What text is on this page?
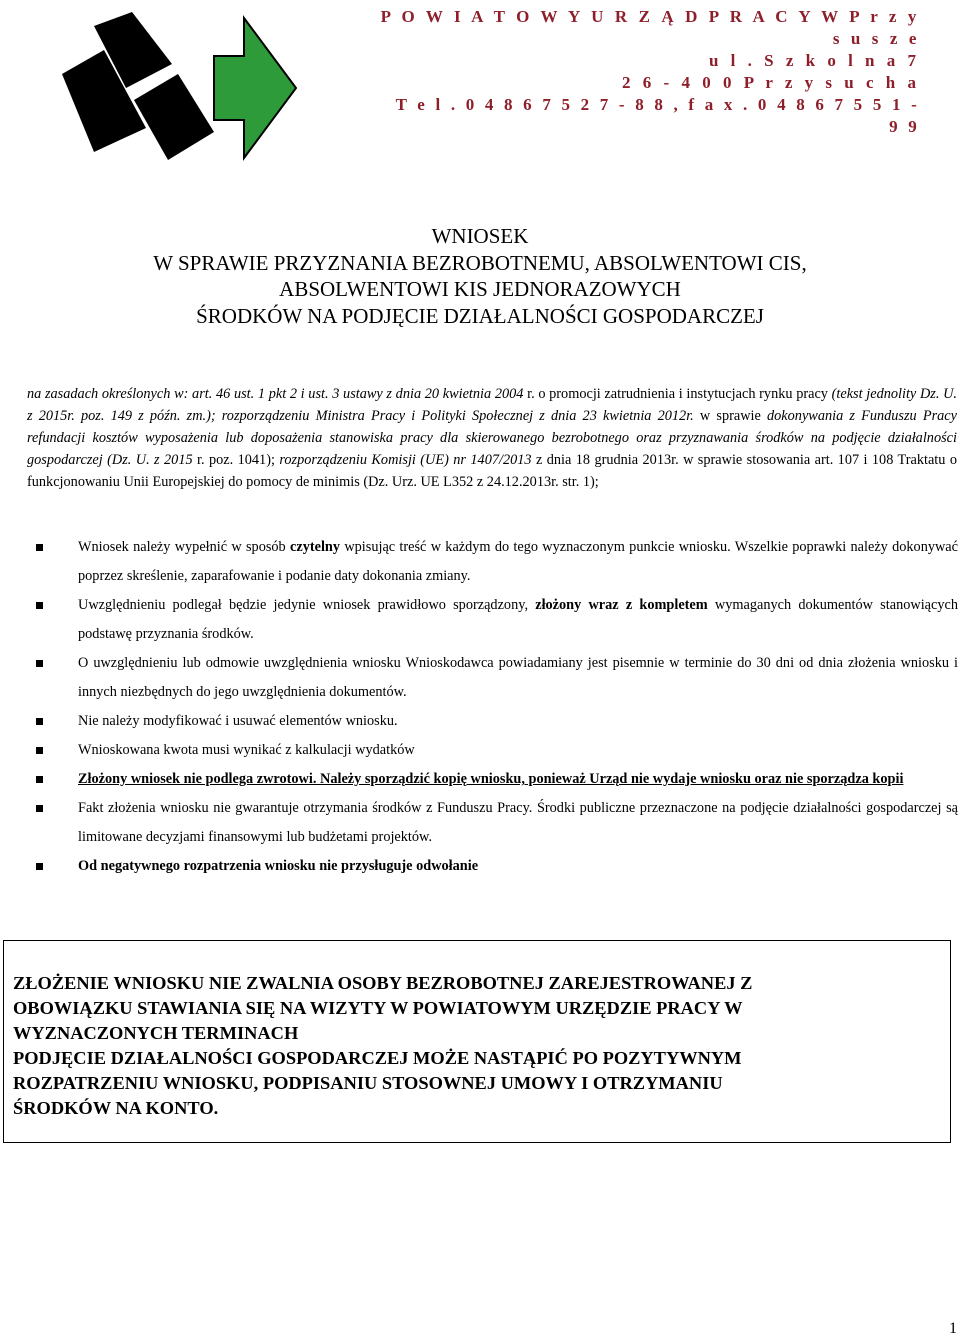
P O W I A T O W Y U R Z Ą D P R A C Y W P r z y s u s z e
u l . S z k o l n a 7
2 6 - 4 0 0 P r z y s u c h a
T e l . 0 4 8 6 7 5 2 7 - 8 8 , f a x . 0 4 8 6 7 5 5 1 - 9 9
WNIOSEK
W SPRAWIE PRZYZNANIA BEZROBOTNEMU, ABSOLWENTOWI CIS,
ABSOLWENTOWI KIS JEDNORAZOWYCH
ŚRODKÓW NA PODJĘCIE DZIAŁALNOŚCI GOSPODARCZEJ
na zasadach określonych w: art. 46 ust. 1 pkt 2 i ust. 3 ustawy z dnia 20 kwietnia 2004 r. o promocji zatrudnienia i instytucjach rynku pracy (tekst jednolity Dz. U. z 2015r. poz. 149 z późn. zm.); rozporządzeniu Ministra Pracy i Polityki Społecznej z dnia 23 kwietnia 2012r. w sprawie dokonywania z Funduszu Pracy refundacji kosztów wyposażenia lub doposażenia stanowiska pracy dla skierowanego bezrobotnego oraz przyznawania środków na podjęcie działalności gospodarczej (Dz. U. z 2015 r. poz. 1041); rozporządzeniu Komisji (UE) nr 1407/2013 z dnia 18 grudnia 2013r. w sprawie stosowania art. 107 i 108 Traktatu o funkcjonowaniu Unii Europejskiej do pomocy de minimis (Dz. Urz. UE L352 z 24.12.2013r. str. 1);
Wniosek należy wypełnić w sposób czytelny wpisując treść w każdym do tego wyznaczonym punkcie wniosku. Wszelkie poprawki należy dokonywać poprzez skreślenie, zaparafowanie i podanie daty dokonania zmiany.
Uwzględnieniu podlegał będzie jedynie wniosek prawidłowo sporządzony, złożony wraz z kompletem wymaganych dokumentów stanowiących podstawę przyznania środków.
O uwzględnieniu lub odmowie uwzględnienia wniosku Wnioskodawca powiadamiany jest pisemnie w terminie do 30 dni od dnia złożenia wniosku i innych niezbędnych do jego uwzględnienia dokumentów.
Nie należy modyfikować i usuwać elementów wniosku.
Wnioskowana kwota musi wynikać z kalkulacji wydatków
Złożony wniosek nie podlega zwrotowi. Należy sporządzić kopię wniosku, ponieważ Urząd nie wydaje wniosku oraz nie sporządza kopii
Fakt złożenia wniosku nie gwarantuje otrzymania środków z Funduszu Pracy. Środki publiczne przeznaczone na podjęcie działalności gospodarczej są limitowane decyzjami finansowymi lub budżetami projektów.
Od negatywnego rozpatrzenia wniosku nie przysługuje odwołanie
ZŁOŻENIE WNIOSKU NIE ZWALNIA OSOBY BEZROBOTNEJ ZAREJESTROWANEJ Z
OBOWIĄZKU STAWIANIA SIĘ NA WIZYTY W POWIATOWYM URZĘDZIE PRACY W
WYZNACZONYCH TERMINACH
PODJĘCIE DZIAŁALNOŚCI GOSPODARCZEJ MOŻE NASTĄPIĆ PO POZYTYWNYM
ROZPATRZENIU WNIOSKU, PODPISANIU STOSOWNEJ UMOWY I OTRZYMANIU
ŚRODKÓW NA KONTO.
1
